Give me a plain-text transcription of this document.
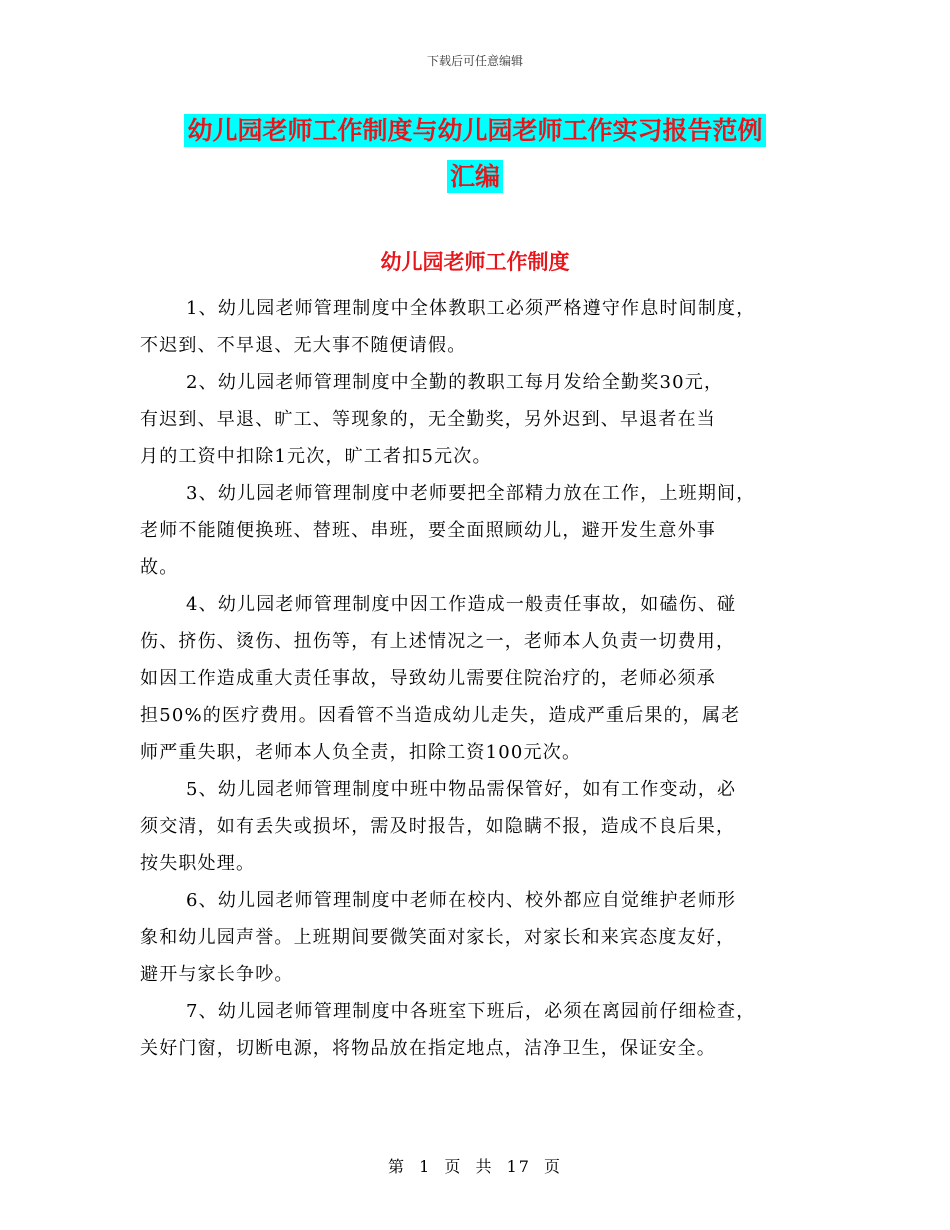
下载后可任意编辑
幼儿园老师工作制度与幼儿园老师工作实习报告范例
汇编
幼儿园老师工作制度

1、幼儿园老师管理制度中全体教职工必须严格遵守作息时间制度，
不迟到、不早退、无大事不随便请假。

2、幼儿园老师管理制度中全勤的教职工每月发给全勤奖30元，
有迟到、早退、旷工、等现象的，无全勤奖，另外迟到、早退者在当
月的工资中扣除1元次，旷工者扣5元次。

3、幼儿园老师管理制度中老师要把全部精力放在工作，上班期间，
老师不能随便换班、替班、串班，要全面照顾幼儿，避开发生意外事
故。

4、幼儿园老师管理制度中因工作造成一般责任事故，如磕伤、碰
伤、挤伤、烫伤、扭伤等，有上述情况之一，老师本人负责一切费用，
如因工作造成重大责任事故，导致幼儿需要住院治疗的，老师必须承
担50%的医疗费用。因看管不当造成幼儿走失，造成严重后果的，属老
师严重失职，老师本人负全责，扣除工资100元次。

5、幼儿园老师管理制度中班中物品需保管好，如有工作变动，必
须交清，如有丢失或损坏，需及时报告，如隐瞒不报，造成不良后果，
按失职处理。

6、幼儿园老师管理制度中老师在校内、校外都应自觉维护老师形
象和幼儿园声誉。上班期间要微笑面对家长，对家长和来宾态度友好，
避开与家长争吵。

7、幼儿园老师管理制度中各班室下班后，必须在离园前仔细检查，
关好门窗，切断电源，将物品放在指定地点，洁净卫生，保证安全。

第 1 页 共 17 页
